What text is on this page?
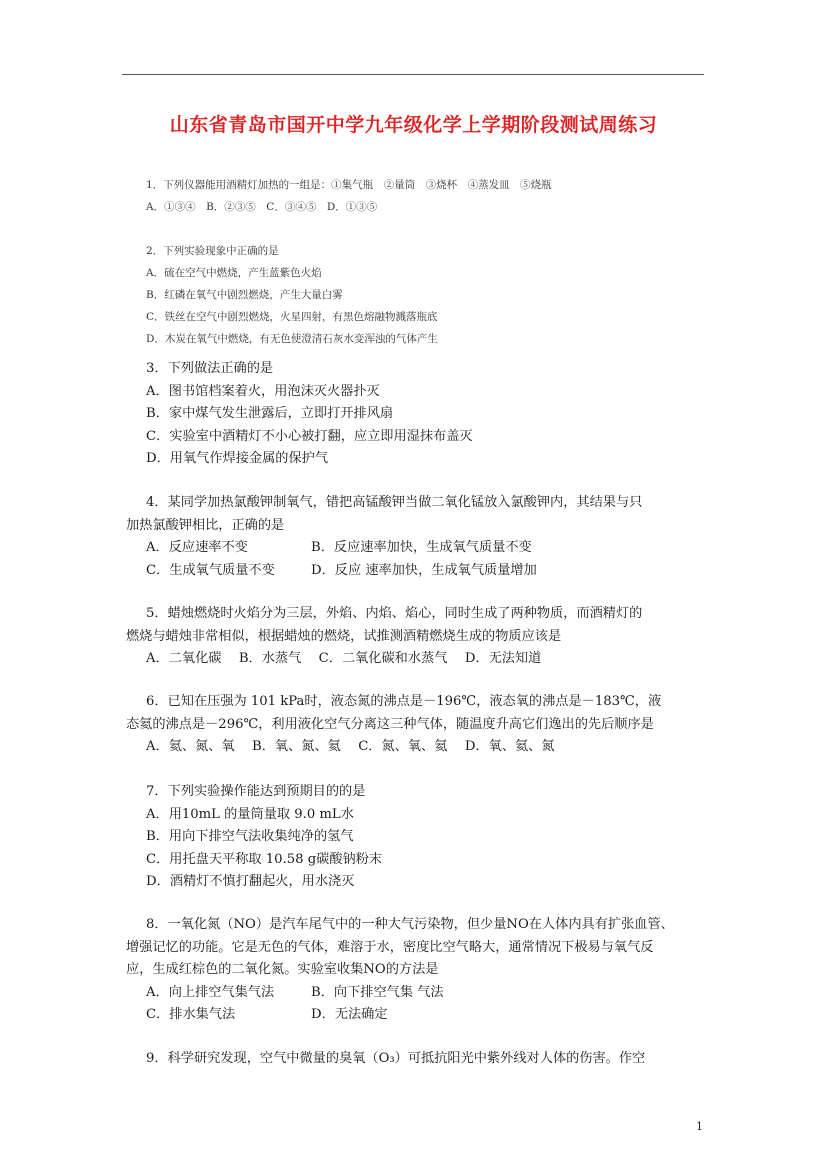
山东省青岛市国开中学九年级化学上学期阶段测试周练习
1．下列仪器能用酒精灯加热的一组是：①集气瓶　②量筒　③烧杯　④蒸发皿　⑤烧瓶
A．①③④　B．②③⑤　C．③④⑤　D．①③⑤
2．下列实验现象中正确的是
A．硫在空气中燃烧，产生蓝紫色火焰
B．红磷在氧气中剧烈燃烧，产生大量白雾
C．铁丝在空气中剧烈燃烧，火星四射，有黑色熔融物溅落瓶底
D．木炭在氧气中燃烧，有无色使澄清石灰水变浑浊的气体产生
3．下列做法正确的是
A．图书馆档案着火，用泡沫灭火器扑灭
B．家中煤气发生泄露后，立即打开排风扇
C．实验室中酒精灯不小心被打翻，应立即用湿抹布盖灭
D．用氧气作焊接金属的保护气
4．某同学加热氯酸钾制氧气，错把高锰酸钾当做二氧化锰放入氯酸钾内，其结果与只
加热氯酸钾相比，正确的是
A．反应速率不变	B．反应速率加快，生成氧气质量不变
C．生成氧气质量不变	D．反应 速率加快，生成氧气质量增加
5．蜡烛燃烧时火焰分为三层，外焰、内焰、焰心，同时生成了两种物质，而酒精灯的
燃烧与蜡烛非常相似，根据蜡烛的燃烧，试推测酒精燃烧生成的物质应该是
A．二氧化碳　 B．水蒸气　 C．二氧化碳和水蒸气　 D．无法知道
6．已知在压强为 101 kPa时，液态氮的沸点是－196℃，液态氧的沸点是－183℃，液
态氦的沸点是－296℃，利用液化空气分离这三种气体，随温度升高它们逸出的先后顺序是
A．氦、氮、氧　 B．氧、氮、氦　 C．氮、氧、氦　 D．氧、氦、氮
7．下列实验操作能达到预期目的的是
A．用10mL 的量筒量取 9.0 mL水
B．用向下排空气法收集纯净的氢气
C．用托盘天平称取 10.58 g碳酸钠粉末
D．酒精灯不慎打翻起火，用水浇灭
8．一氧化氮（NO）是汽车尾气中的一种大气污染物，但少量NO在人体内具有扩张血管、
增强记忆的功能。它是无色的气体，难溶于水，密度比空气略大，通常情况下极易与氧气反
应，生成红棕色的二氧化氮。实验室收集NO的方法是
A．向上排空气集气法	B．向下排空气集 气法
C．排水集气法	D．无法确定
9．科学研究发现，空气中微量的臭氧（O₃）可抵抗阳光中紫外线对人体的伤害。作空
1
